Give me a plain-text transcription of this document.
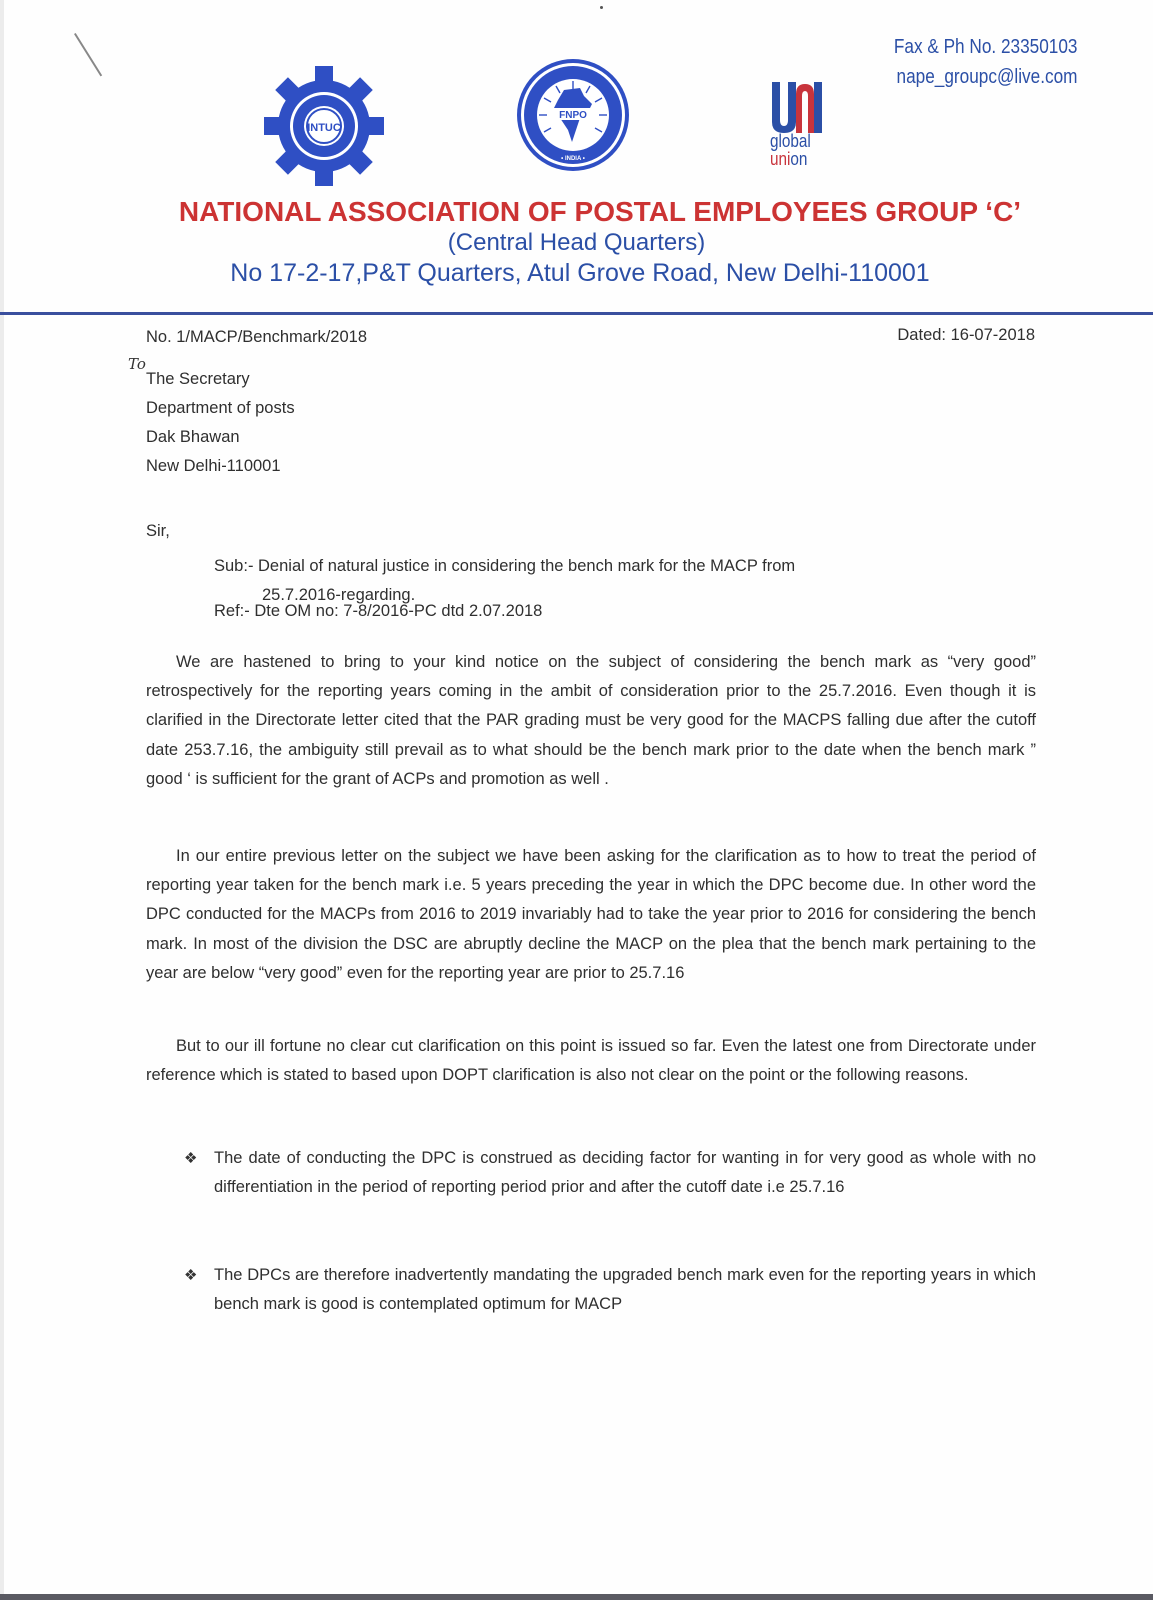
Fax & Ph No. 23350103
nape_groupc@live.com
INTUC
FNPO
• INDIA •
global
union
NATIONAL ASSOCIATION OF POSTAL EMPLOYEES GROUP ‘C’
(Central Head Quarters)
No 17-2-17,P&T Quarters, Atul Grove Road, New Delhi-110001
No. 1/MACP/Benchmark/2018	Dated: 16-07-2018
To
The Secretary
Department of posts
Dak Bhawan
New Delhi-110001
Sir,
Sub:- Denial of natural justice in considering the bench mark for the MACP from
25.7.2016-regarding.
Ref:- Dte OM no: 7-8/2016-PC dtd 2.07.2018
We are hastened to bring to your kind notice on the subject of considering the bench mark as “very good” retrospectively for the reporting years coming in the ambit of consideration prior to the 25.7.2016. Even though it is clarified in the Directorate letter cited that the PAR grading must be very good for the MACPS falling due after the cutoff date 253.7.16, the ambiguity still prevail as to what should be the bench mark prior to the date when the bench mark ” good ‘ is sufficient for the grant of ACPs and promotion as well .
In our entire previous letter on the subject we have been asking for the clarification as to how to treat the period of reporting year taken for the bench mark i.e. 5 years preceding the year in which the DPC become due. In other word the DPC conducted for the MACPs from 2016 to 2019 invariably had to take the year prior to 2016 for considering the bench mark. In most of the division the DSC are abruptly decline the MACP on the plea that the bench mark pertaining to the year are below “very good” even for the reporting year are prior to 25.7.16
But to our ill fortune no clear cut clarification on this point is issued so far. Even the latest one from Directorate under reference which is stated to based upon DOPT clarification is also not clear on the point or the following reasons.
❖ The date of conducting the DPC is construed as deciding factor for wanting in for very good as whole with no differentiation in the period of reporting period prior and after the cutoff date i.e 25.7.16
❖ The DPCs are therefore inadvertently mandating the upgraded bench mark even for the reporting years in which bench mark is good is contemplated optimum for MACP
